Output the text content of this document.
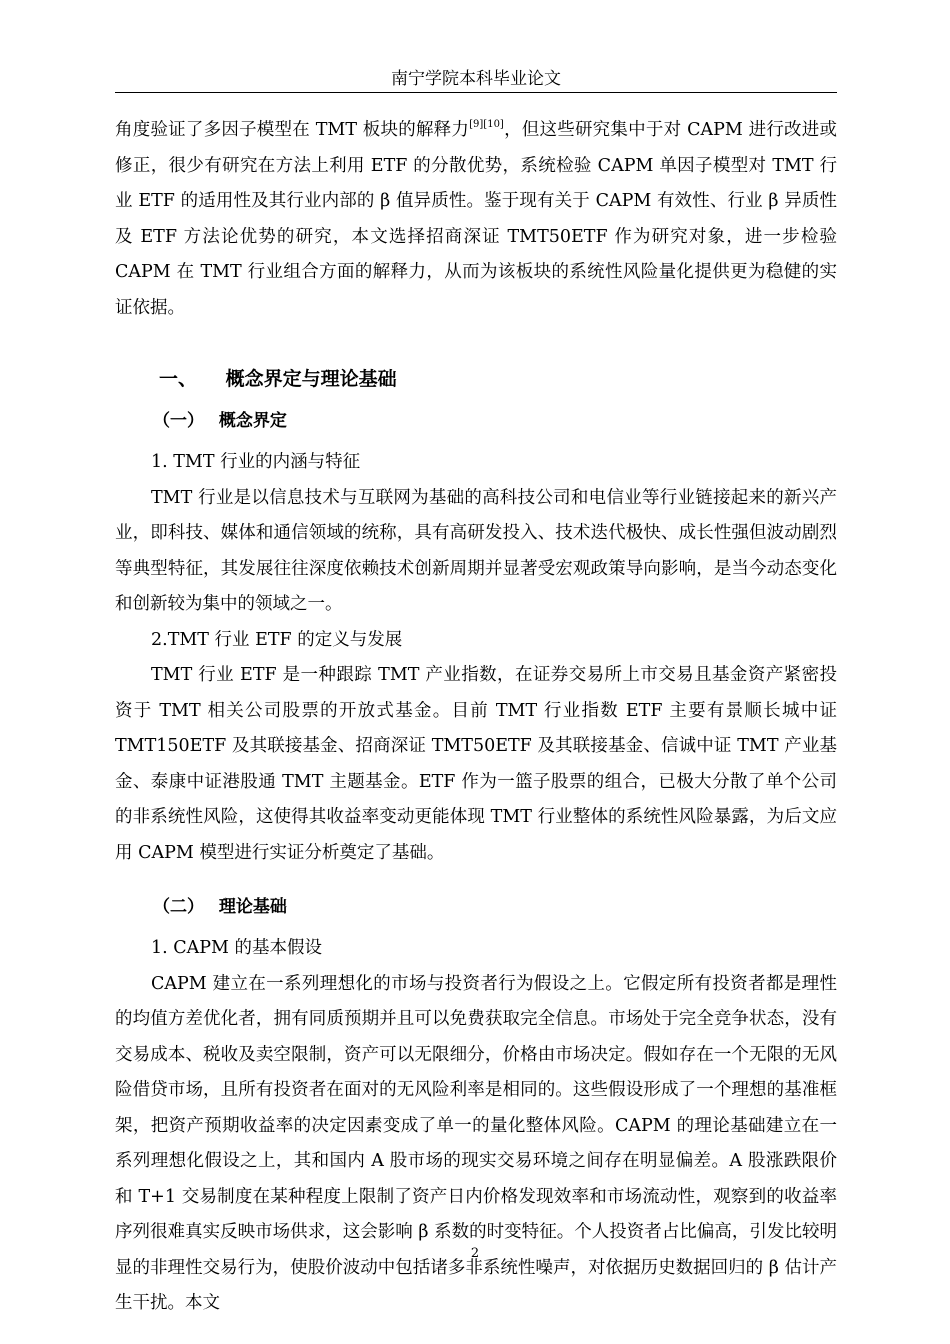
南宁学院本科毕业论文

角度验证了多因子模型在 TMT 板块的解释力[9][10]，但这些研究集中于对 CAPM 进行改进或修正，很少有研究在方法上利用 ETF 的分散优势，系统检验 CAPM 单因子模型对 TMT 行业 ETF 的适用性及其行业内部的 β 值异质性。鉴于现有关于 CAPM 有效性、行业 β 异质性及 ETF 方法论优势的研究，本文选择招商深证 TMT50ETF 作为研究对象，进一步检验 CAPM 在 TMT 行业组合方面的解释力，从而为该板块的系统性风险量化提供更为稳健的实证依据。

一、 概念界定与理论基础
（一） 概念界定

1. TMT 行业的内涵与特征

TMT 行业是以信息技术与互联网为基础的高科技公司和电信业等行业链接起来的新兴产业，即科技、媒体和通信领域的统称，具有高研发投入、技术迭代极快、成长性强但波动剧烈等典型特征，其发展往往深度依赖技术创新周期并显著受宏观政策导向影响，是当今动态变化和创新较为集中的领域之一。

2.TMT 行业 ETF 的定义与发展

TMT 行业 ETF 是一种跟踪 TMT 产业指数，在证券交易所上市交易且基金资产紧密投资于 TMT 相关公司股票的开放式基金。目前 TMT 行业指数 ETF 主要有景顺长城中证 TMT150ETF 及其联接基金、招商深证 TMT50ETF 及其联接基金、信诚中证 TMT 产业基金、泰康中证港股通 TMT 主题基金。ETF 作为一篮子股票的组合，已极大分散了单个公司的非系统性风险，这使得其收益率变动更能体现 TMT 行业整体的系统性风险暴露，为后文应用 CAPM 模型进行实证分析奠定了基础。

（二） 理论基础

1. CAPM 的基本假设

CAPM 建立在一系列理想化的市场与投资者行为假设之上。它假定所有投资者都是理性的均值方差优化者，拥有同质预期并且可以免费获取完全信息。市场处于完全竞争状态，没有交易成本、税收及卖空限制，资产可以无限细分，价格由市场决定。假如存在一个无限的无风险借贷市场，且所有投资者在面对的无风险利率是相同的。这些假设形成了一个理想的基准框架，把资产预期收益率的决定因素变成了单一的量化整体风险。CAPM 的理论基础建立在一系列理想化假设之上，其和国内 A 股市场的现实交易环境之间存在明显偏差。A 股涨跌限价和 T+1 交易制度在某种程度上限制了资产日内价格发现效率和市场流动性，观察到的收益率序列很难真实反映市场供求，这会影响 β 系数的时变特征。个人投资者占比偏高，引发比较明显的非理性交易行为，使股价波动中包括诸多非系统性噪声，对依据历史数据回归的 β 估计产生干扰。本文

2
